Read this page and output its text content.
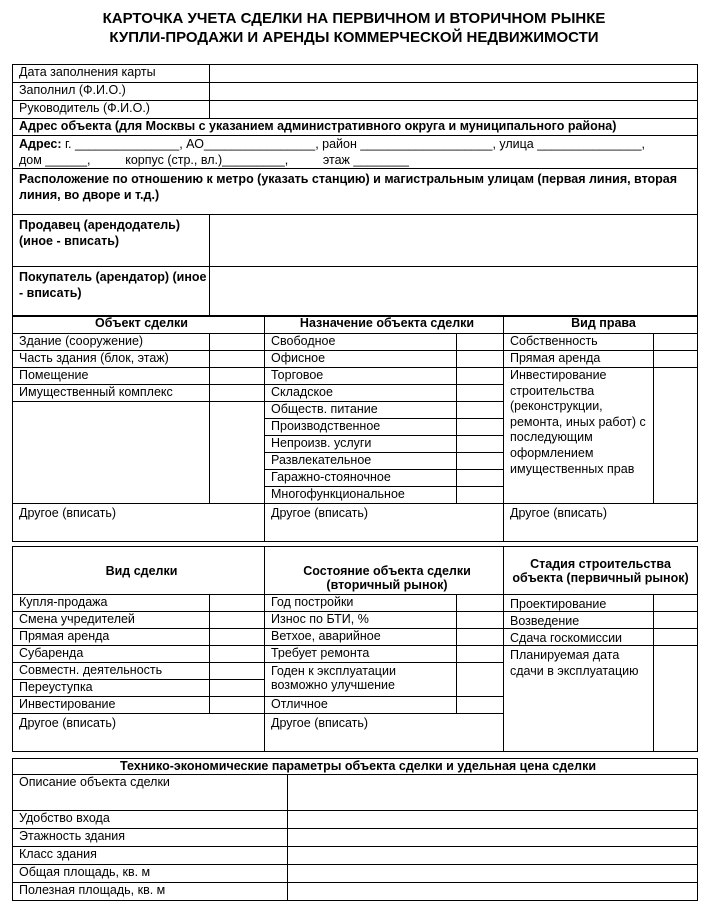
КАРТОЧКА УЧЕТА СДЕЛКИ НА ПЕРВИЧНОМ И ВТОРИЧНОМ РЫНКЕ
КУПЛИ-ПРОДАЖИ И АРЕНДЫ КОММЕРЧЕСКОЙ НЕДВИЖИМОСТИ
Дата заполнения карты	
Заполнил (Ф.И.О.)	
Руководитель (Ф.И.О.)	
Адрес объекта (для Москвы с указанием административного округа и муниципального района)	

Адрес: г. _______________, АО________________, район ___________________, улица _______________,
дом ______,          корпус (стр., вл.)_________,          этаж ________	

Расположение по отношению к метро (указать станцию) и магистральным улицам (первая линия, вторая линия, во дворе и т.д.)	
Продавец (арендодатель) (иное - вписать)	
Покупатель (арендатор) (иное - вписать)	
Объект сделки		Назначение объекта сделки		Вид права	
Здание (сооружение)		Свободное		Собственность	
Часть здания (блок, этаж)		Офисное		Прямая аренда	
Помещение		Торговое		Инвестирование строительства (реконструкции, ремонта, иных работ) с последующим оформлением имущественных прав	
Имущественный комплекс		Складское			
		Обществ. питание			
		Производственное			
		Непроизв. услуги			
		Развлекательное			
		Гаражно-стояночное			
		Многофункциональное			
Другое (вписать)		Другое (вписать)		Другое (вписать)	
Вид сделки		Состояние объекта сделки (вторичный рынок)		Стадия строительства объекта (первичный рынок)		
Купля-продажа		Год постройки		Проектирование		
Смена учредителей		Износ по БТИ, %		Возведение		
Прямая аренда		Ветхое, аварийное		Сдача госкомиссии		
Субаренда		Требует ремонта		Планируемая дата сдачи в эксплуатацию		
Совместн. деятельность		Годен к эксплуатации возможно улучшение				
Переуступка						
Инвестирование		Отличное				
Другое (вписать)		Другое (вписать)				
Технико-экономические параметры объекта сделки и удельная цена сделки	
Описание объекта сделки	
Удобство входа	
Этажность здания	
Класс здания	
Общая площадь, кв. м	
Полезная площадь, кв. м	
